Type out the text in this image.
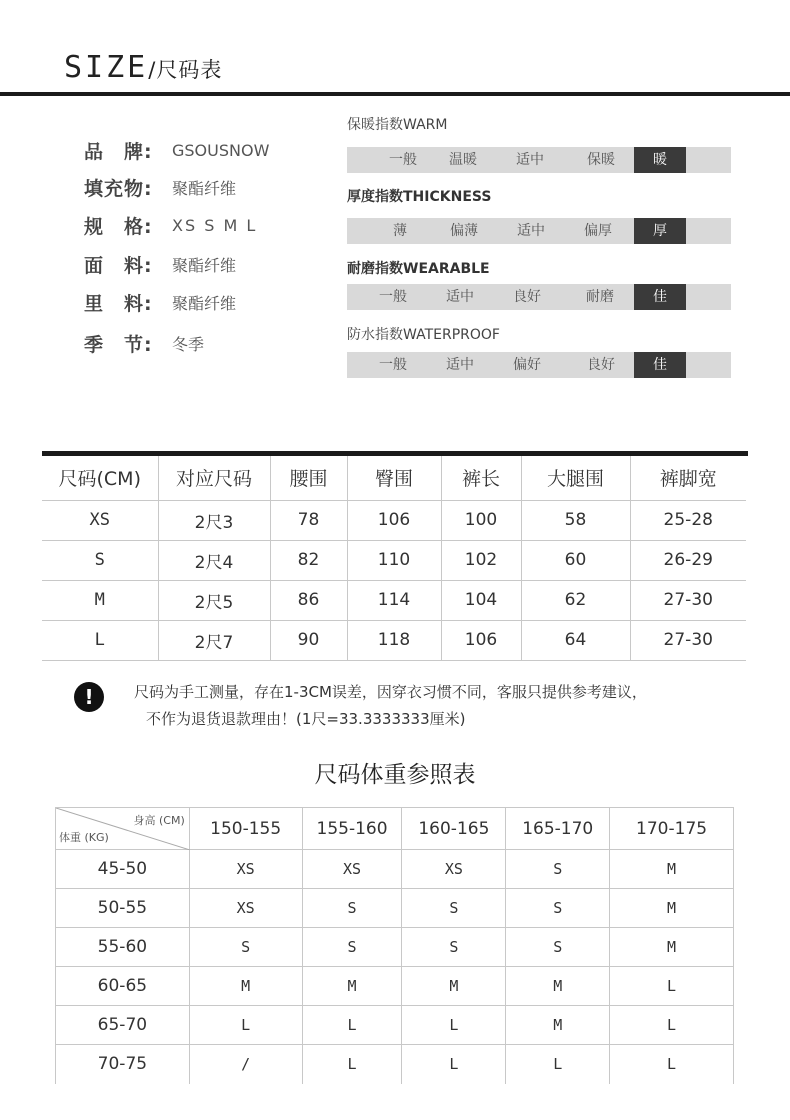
SIZE/尺码表
品　牌:	GSOUSNOW
填充物:	聚酯纤维
规　格:	XS S M L
面　料:	聚酯纤维
里　料:	聚酯纤维
季　节:	冬季
保暖指数WARM
一般	温暖	适中	保暖	暖
厚度指数THICKNESS
薄	偏薄	适中	偏厚	厚
耐磨指数WEARABLE
一般	适中	良好	耐磨	佳
防水指数WATERPROOF
一般	适中	偏好	良好	佳
尺码(CM)	对应尺码	腰围	臀围	裤长	大腿围	裤脚宽
XS	2尺3	78	106	100	58	25-28
S	2尺4	82	110	102	60	26-29
M	2尺5	86	114	104	62	27-30
L	2尺7	90	118	106	64	27-30
!	尺码为手工测量，存在1-3CM误差，因穿衣习惯不同，客服只提供参考建议，
不作为退货退款理由！(1尺=33.3333333厘米)
尺码体重参照表
身高 (CM)
体重 (KG)	150-155	155-160	160-165	165-170	170-175
45-50	XS	XS	XS	S	M
50-55	XS	S	S	S	M
55-60	S	S	S	S	M
60-65	M	M	M	M	L
65-70	L	L	L	M	L
70-75	/	L	L	L	L
